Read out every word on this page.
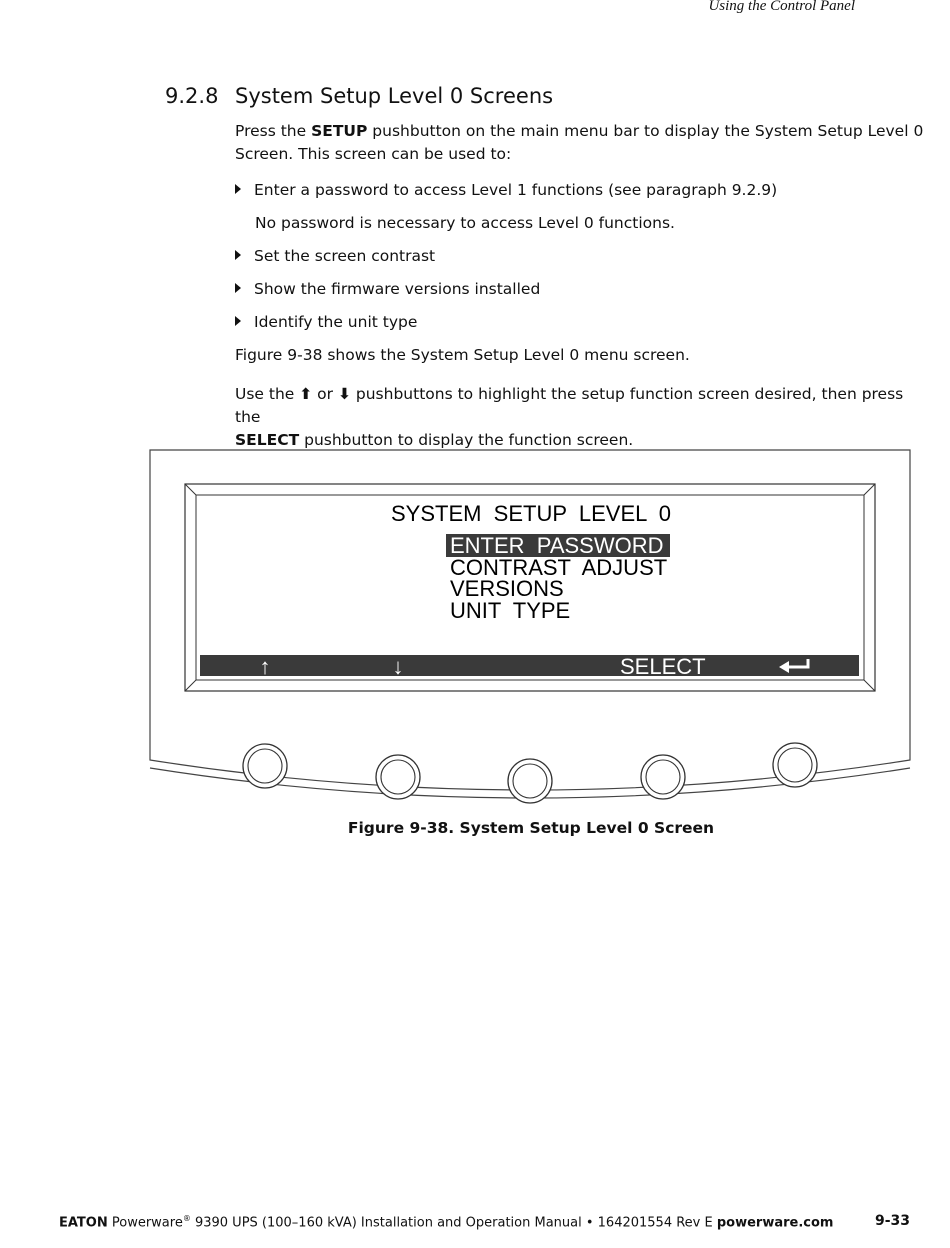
Using the Control Panel
9.2.8 System Setup Level 0 Screens
Press the SETUP pushbutton on the main menu bar to display the System Setup Level 0 Screen. This screen can be used to:
Enter a password to access Level 1 functions (see paragraph 9.2.9)
No password is necessary to access Level 0 functions.
Set the screen contrast
Show the firmware versions installed
Identify the unit type
Figure 9-38 shows the System Setup Level 0 menu screen.
Use the ⬆ or ⬇ pushbuttons to highlight the setup function screen desired, then press the
SELECT pushbutton to display the function screen.
SYSTEM  SETUP  LEVEL  0
ENTER  PASSWORD
CONTRAST  ADJUST
VERSIONS
UNIT  TYPE
↑	↓	SELECT
Figure 9-38. System Setup Level 0 Screen
EATON Powerware® 9390 UPS (100–160 kVA) Installation and Operation Manual • 164201554 Rev E powerware.com	9-33
